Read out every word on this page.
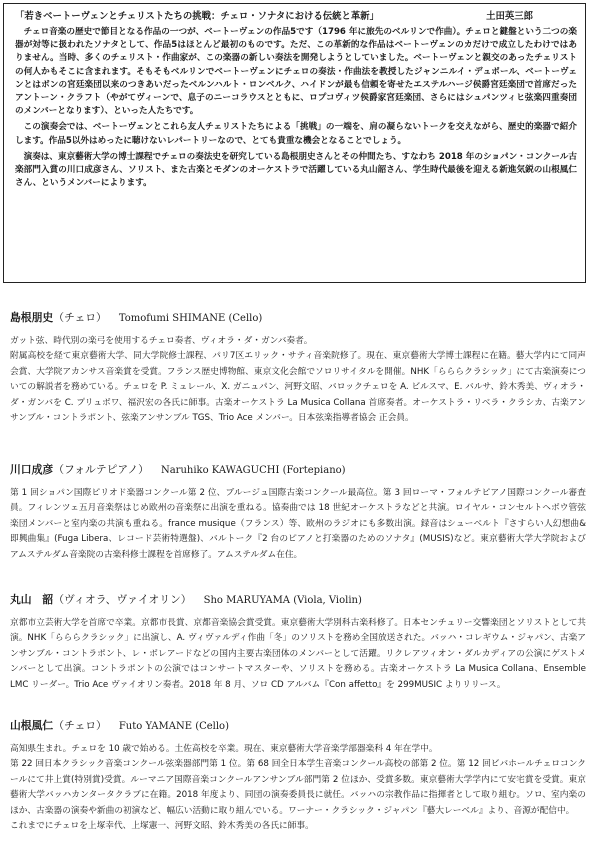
「若きベートーヴェンとチェリストたちの挑戦：チェロ・ソナタにおける伝統と革新」	土田英三郎

チェロ音楽の歴史で節目となる作品の一つが、ベートーヴェンの作品5です（1796 年に旅先のベルリンで作曲）。チェロと鍵盤という二つの楽器が対等に扱われたソナタとして、作品5はほとんど最初のものです。ただ、この革新的な作品はベートーヴェンのカだけで成立したわけではありません。当時、多くのチェリスト・作曲家が、この楽器の新しい奏法を開発しようとしていました。ベートーヴェンと親交のあったチェリストの何人かもそこに含まれます。そもそもベルリンでベートーヴェンにチェロの奏法・作曲法を教授したジャンニルイ・デュポール、ベートーヴェンとはボンの宮廷楽団以来のつきあいだったベルンハルト・ロンベルク、ハイドンが最も信頼を寄せたエステルハージ侯爵宮廷楽団で首席だったアントーン・クラフト（やがてヴィーンで、息子のニーコラウスとともに、ロプコヴィツ侯爵家宮廷楽団、さらにはシュパンツィヒ弦楽四重奏団のメンバーとなります）、といった人たちです。

この演奏会では、ベートーヴェンとこれら友人チェリストたちによる「挑戦」の一端を、肩の凝らないトークを交えながら、歴史的楽器で紹介します。作品5以外はめったに聴けないレパートリーなので、とても貴重な機会となることでしょう。

演奏は、東京藝術大学の博士課程でチェロの奏法史を研究している島根朋史さんとその仲間たち、すなわち 2018 年のショパン・コンクール古楽部門入賞の川口成彦さん、ソリスト、また古楽とモダンのオーケストラで活躍している丸山韶さん、学生時代最後を迎える新進気鋭の山根風仁さん、というメンバーによります。

島根朋史（チェロ） Tomofumi SHIMANE (Cello)

ガット弦、時代別の楽弓を使用するチェロ奏者、ヴィオラ・ダ・ガンバ奏者。
附属高校を経て東京藝術大学、同大学院修士課程、パリ7区エリック・サティ音楽院修了。現在、東京藝術大学博士課程に在籍。藝大学内にて同声会賞、大学院アカンサス音楽賞を受賞。フランス歴史博物館、東京文化会館でソロリサイタルを開催。NHK「らららクラシック」にて古楽演奏についての解説者を務めている。チェロを P. ミュレール、X. ガニュパン、河野文昭、バロックチェロを A. ビルスマ、E. バルサ、鈴木秀美、ヴィオラ・ダ・ガンバを C. プリュボワ、福沢宏の各氏に師事。古楽オーケストラ La Musica Collana 首席奏者。オーケストラ・リベラ・クラシカ、古楽アンサンブル・コントラポント、弦楽アンサンブル TGS、Trio Ace メンバー。日本弦楽指導者協会 正会員。

川口成彦（フォルテピアノ） Naruhiko KAWAGUCHI (Fortepiano)

第 1 回ショパン国際ピリオド楽器コンクール第 2 位、ブルージュ国際古楽コンクール最高位。第 3 回ローマ・フォルテピアノ国際コンクール審査員。フィレンツェ五月音楽祭はじめ欧州の音楽祭に出演を重ねる。協奏曲では 18 世紀オーケストラなどと共演。ロイヤル・コンセルトヘボウ管弦楽団メンバーと室内楽の共演も重ねる。france musique（フランス）等、欧州のラジオにも多数出演。録音はシューベルト『さすらい人幻想曲&即興曲集』(Fuga Libera、レコード芸術特選盤)、バルトーク『2 台のピアノと打楽器のためのソナタ』(MUSIS)など。東京藝術大学大学院およびアムステルダム音楽院の古楽科修士課程を首席修了。アムステルダム在住。

丸山　韶（ヴィオラ、ヴァイオリン） Sho MARUYAMA (Viola, Violin)

京都市立芸術大学を首席で卒業。京都市長賞、京都音楽協会賞受賞。東京藝術大学別科古楽科修了。日本センチュリー交響楽団とソリストとして共演。NHK「らららクラシック」に出演し、A. ヴィヴァルディ作曲「冬」のソリストを務め全国放送された。バッハ・コレギウム・ジャパン、古楽アンサンブル・コントラポント、レ・ボレアードなどの国内主要古楽団体のメンバーとして活躍。リクレアツィオン・ダルカディアの公演にゲストメンバーとして出演。コントラポントの公演ではコンサートマスターや、ソリストを務める。古楽オーケストラ La Musica Collana、Ensemble LMC リーダー。Trio Ace ヴァイオリン奏者。2018 年 8 月、ソロ CD アルバム『Con affetto』を 299MUSIC よりリリース。

山根風仁（チェロ） Futo YAMANE (Cello)

高知県生まれ。チェロを 10 歳で始める。土佐高校を卒業。現在、東京藝術大学音楽学部器楽科 4 年在学中。
第 22 回日本クラシック音楽コンクール弦楽器部門第 1 位。第 68 回全日本学生音楽コンクール高校の部第 2 位。第 12 回ビバホールチェロコンクールにて井上賞(特別賞)受賞。ルーマニア国際音楽コンクールアンサンブル部門第 2 位ほか、受賞多数。東京藝術大学学内にて安宅賞を受賞。東京藝術大学バッハカンタータクラブに在籍。2018 年度より、同団の演奏委員長に就任。バッハの宗教作品に指揮者として取り組む。ソロ、室内楽のほか、古楽器の演奏や新曲の初演など、幅広い活動に取り組んでいる。ワーナー・クラシック・ジャパン『藝大レーベル』より、音源が配信中。
これまでにチェロを上塚幸代、上塚憲一、河野文昭、鈴木秀美の各氏に師事。
